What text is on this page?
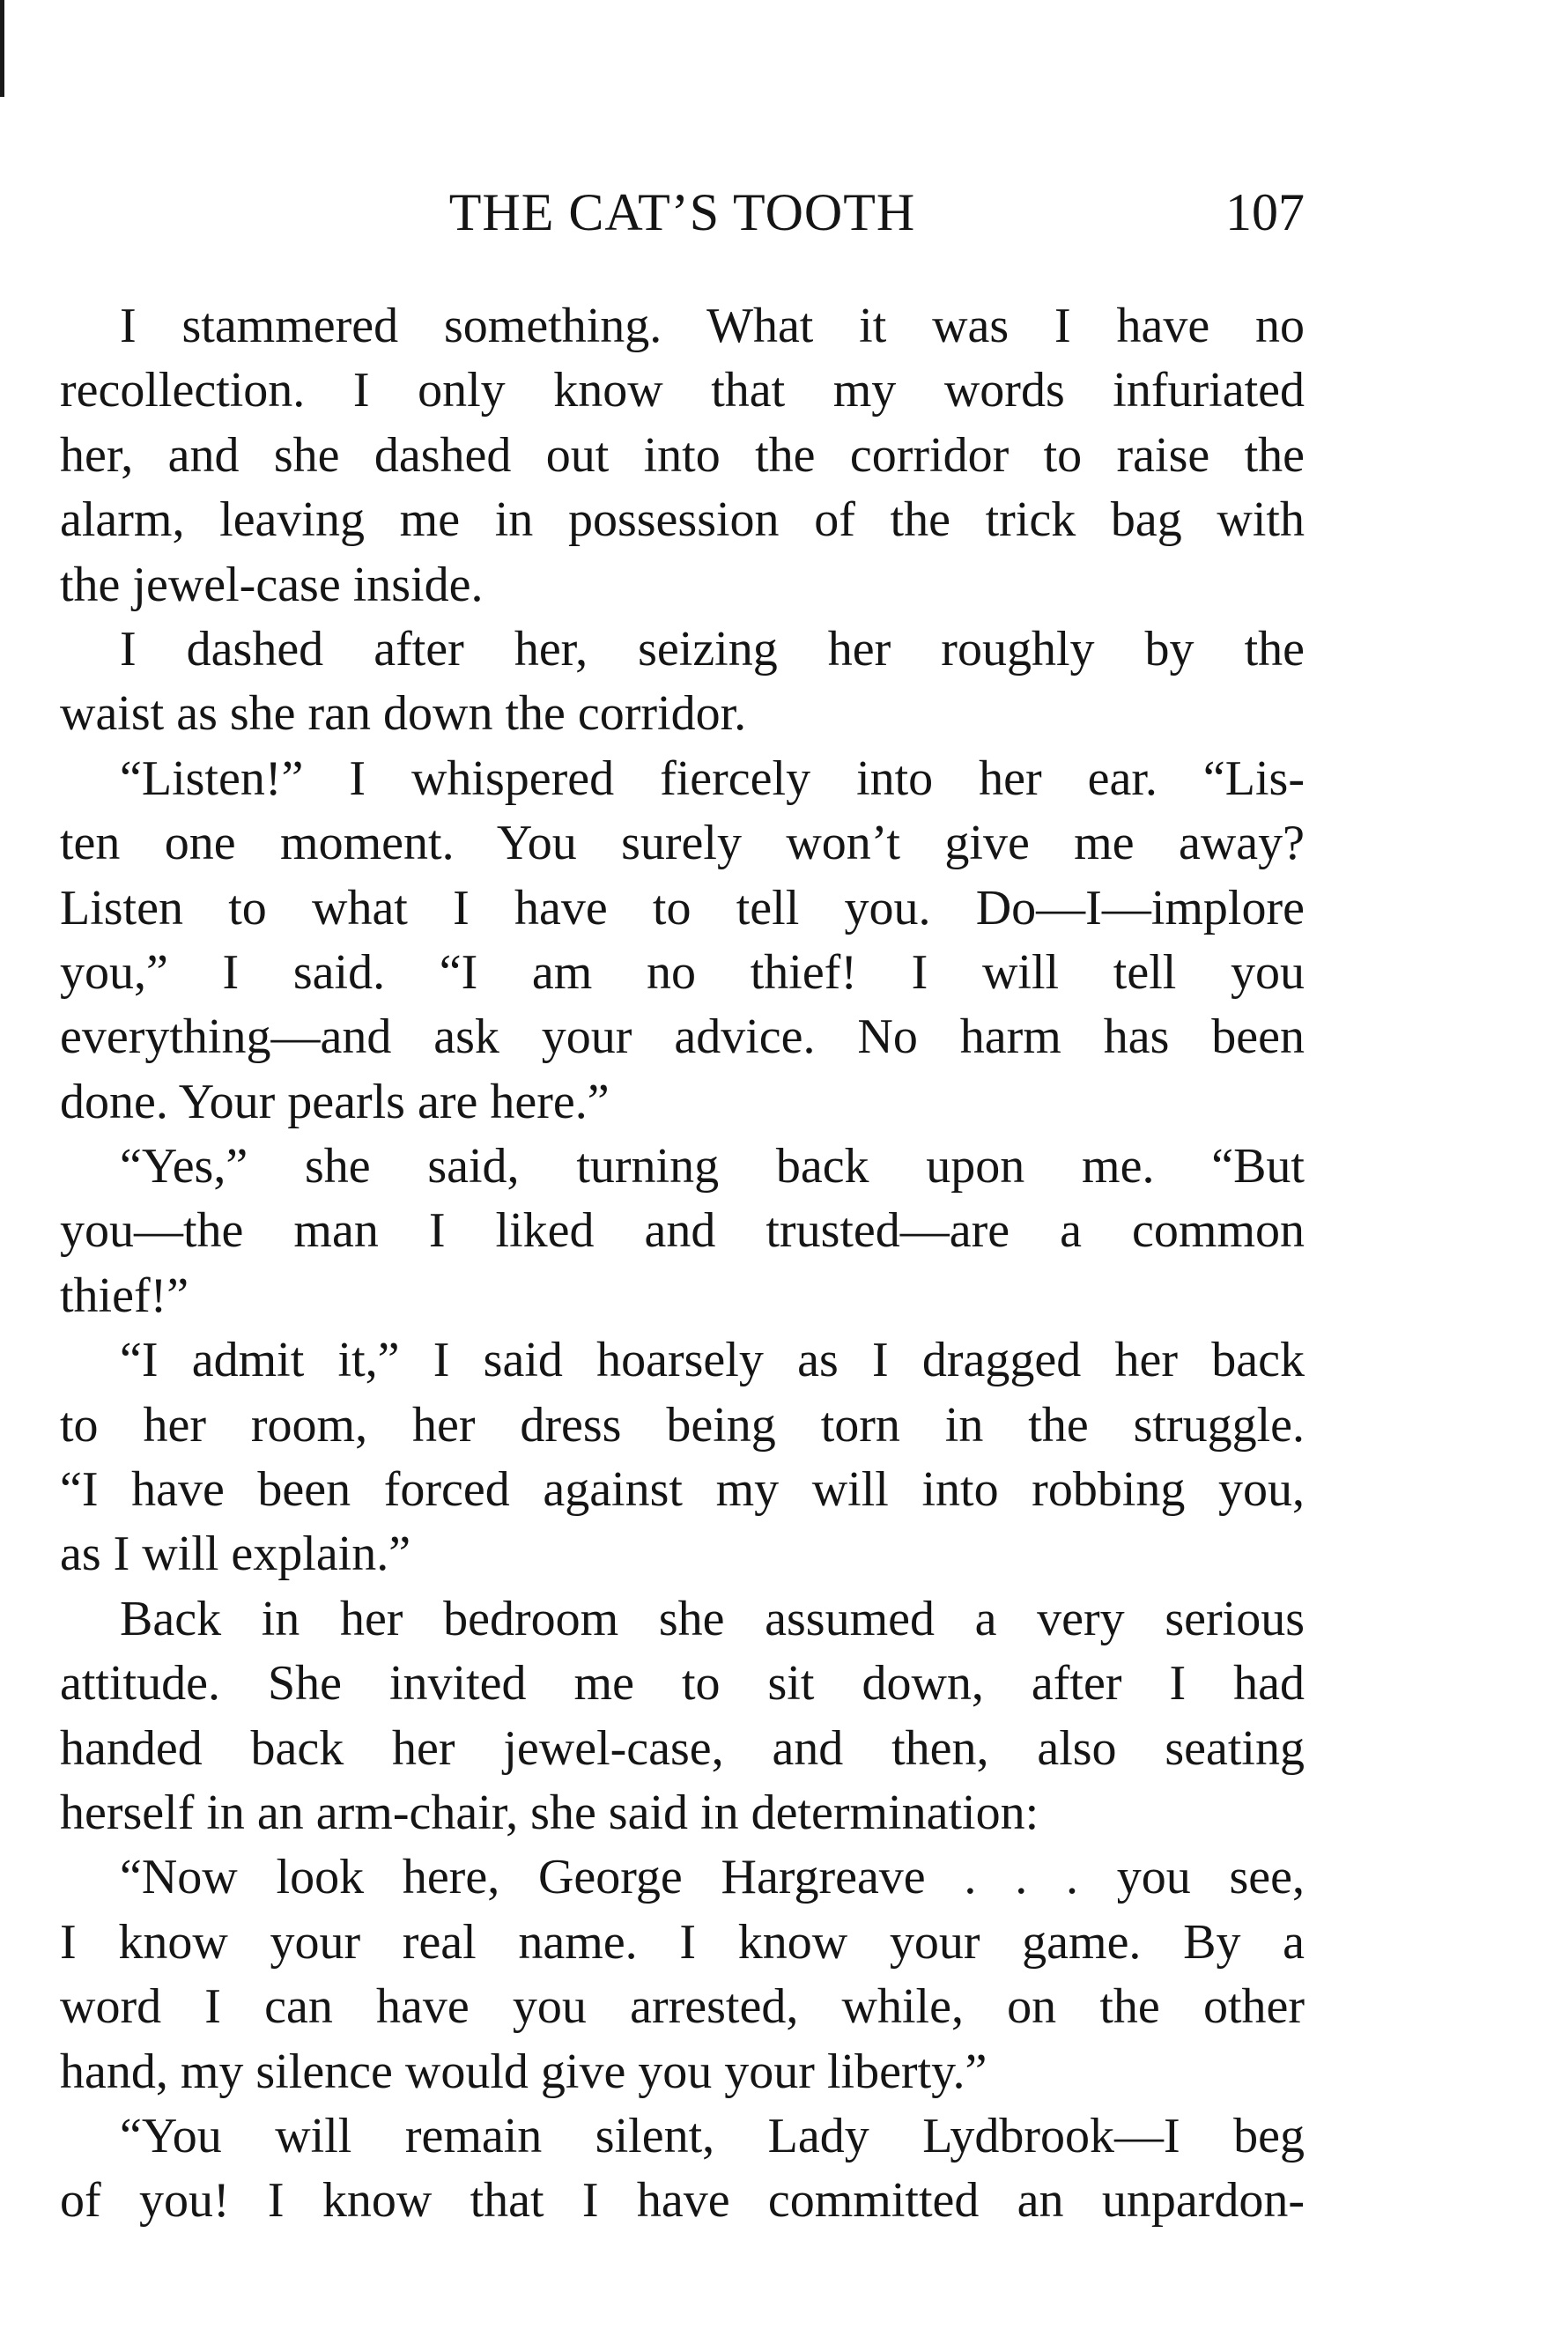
THE CAT’S TOOTH	107
I stammered something. What it was I have no
recollection. I only know that my words infuriated
her, and she dashed out into the corridor to raise the
alarm, leaving me in possession of the trick bag with
the jewel-case inside.
I dashed after her, seizing her roughly by the
waist as she ran down the corridor.
“Listen!” I whispered fiercely into her ear. “Lis-
ten one moment. You surely won’t give me away?
Listen to what I have to tell you. Do—I—implore
you,” I said. “I am no thief! I will tell you
everything—and ask your advice. No harm has been
done. Your pearls are here.”
“Yes,” she said, turning back upon me. “But
you—the man I liked and trusted—are a common
thief!”
“I admit it,” I said hoarsely as I dragged her back
to her room, her dress being torn in the struggle.
“I have been forced against my will into robbing you,
as I will explain.”
Back in her bedroom she assumed a very serious
attitude. She invited me to sit down, after I had
handed back her jewel-case, and then, also seating
herself in an arm-chair, she said in determination:
“Now look here, George Hargreave . . . you see,
I know your real name. I know your game. By a
word I can have you arrested, while, on the other
hand, my silence would give you your liberty.”
“You will remain silent, Lady Lydbrook—I beg
of you! I know that I have committed an unpardon-
